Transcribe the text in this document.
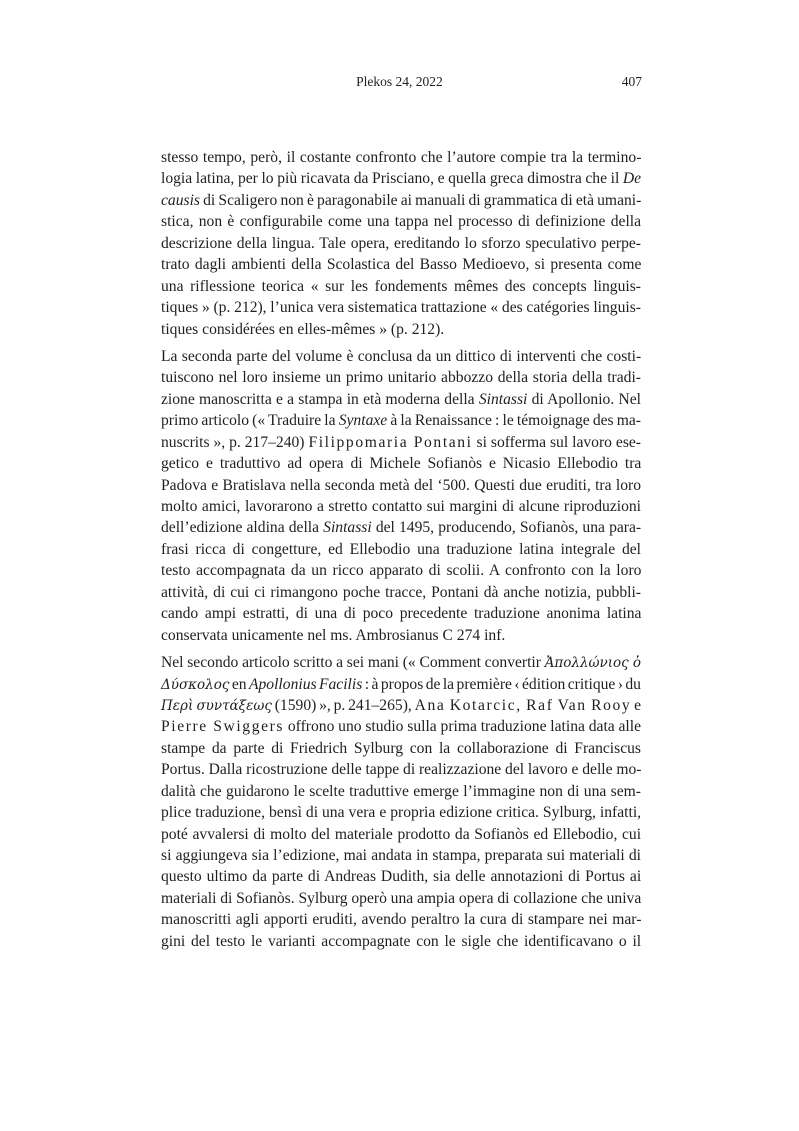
Plekos 24, 2022	407

stesso tempo, però, il costante confronto che l’autore compie tra la termino-
logia latina, per lo più ricavata da Prisciano, e quella greca dimostra che il De
causis di Scaligero non è paragonabile ai manuali di grammatica di età umani-
stica, non è configurabile come una tappa nel processo di definizione della
descrizione della lingua. Tale opera, ereditando lo sforzo speculativo perpe-
trato dagli ambienti della Scolastica del Basso Medioevo, si presenta come
una riflessione teorica « sur les fondements mêmes des concepts linguis-
tiques » (p. 212), l’unica vera sistematica trattazione « des catégories linguis-
tiques considérées en elles-mêmes » (p. 212).

La seconda parte del volume è conclusa da un dittico di interventi che costi-
tuiscono nel loro insieme un primo unitario abbozzo della storia della tradi-
zione manoscritta e a stampa in età moderna della Sintassi di Apollonio. Nel
primo articolo (« Traduire la Syntaxe à la Renaissance : le témoignage des ma-
nuscrits », p. 217–240) Filippomaria Pontani si sofferma sul lavoro ese-
getico e traduttivo ad opera di Michele Sofianòs e Nicasio Ellebodio tra
Padova e Bratislava nella seconda metà del ‘500. Questi due eruditi, tra loro
molto amici, lavorarono a stretto contatto sui margini di alcune riproduzioni
dell’edizione aldina della Sintassi del 1495, producendo, Sofianòs, una para-
frasi ricca di congetture, ed Ellebodio una traduzione latina integrale del
testo accompagnata da un ricco apparato di scolii. A confronto con la loro
attività, di cui ci rimangono poche tracce, Pontani dà anche notizia, pubbli-
cando ampi estratti, di una di poco precedente traduzione anonima latina
conservata unicamente nel ms. Ambrosianus C 274 inf.

Nel secondo articolo scritto a sei mani (« Comment convertir Ἀπολλώνιος ὁ
Δύσκολος en Apollonius Facilis : à propos de la première ‹ édition critique › du
Περὶ συντάξεως (1590) », p. 241–265), Ana Kotarcic, Raf Van Rooy e
Pierre Swiggers offrono uno studio sulla prima traduzione latina data alle
stampe da parte di Friedrich Sylburg con la collaborazione di Franciscus
Portus. Dalla ricostruzione delle tappe di realizzazione del lavoro e delle mo-
dalità che guidarono le scelte traduttive emerge l’immagine non di una sem-
plice traduzione, bensì di una vera e propria edizione critica. Sylburg, infatti,
poté avvalersi di molto del materiale prodotto da Sofianòs ed Ellebodio, cui
si aggiungeva sia l’edizione, mai andata in stampa, preparata sui materiali di
questo ultimo da parte di Andreas Dudith, sia delle annotazioni di Portus ai
materiali di Sofianòs. Sylburg operò una ampia opera di collazione che univa
manoscritti agli apporti eruditi, avendo peraltro la cura di stampare nei mar-
gini del testo le varianti accompagnate con le sigle che identificavano o il
